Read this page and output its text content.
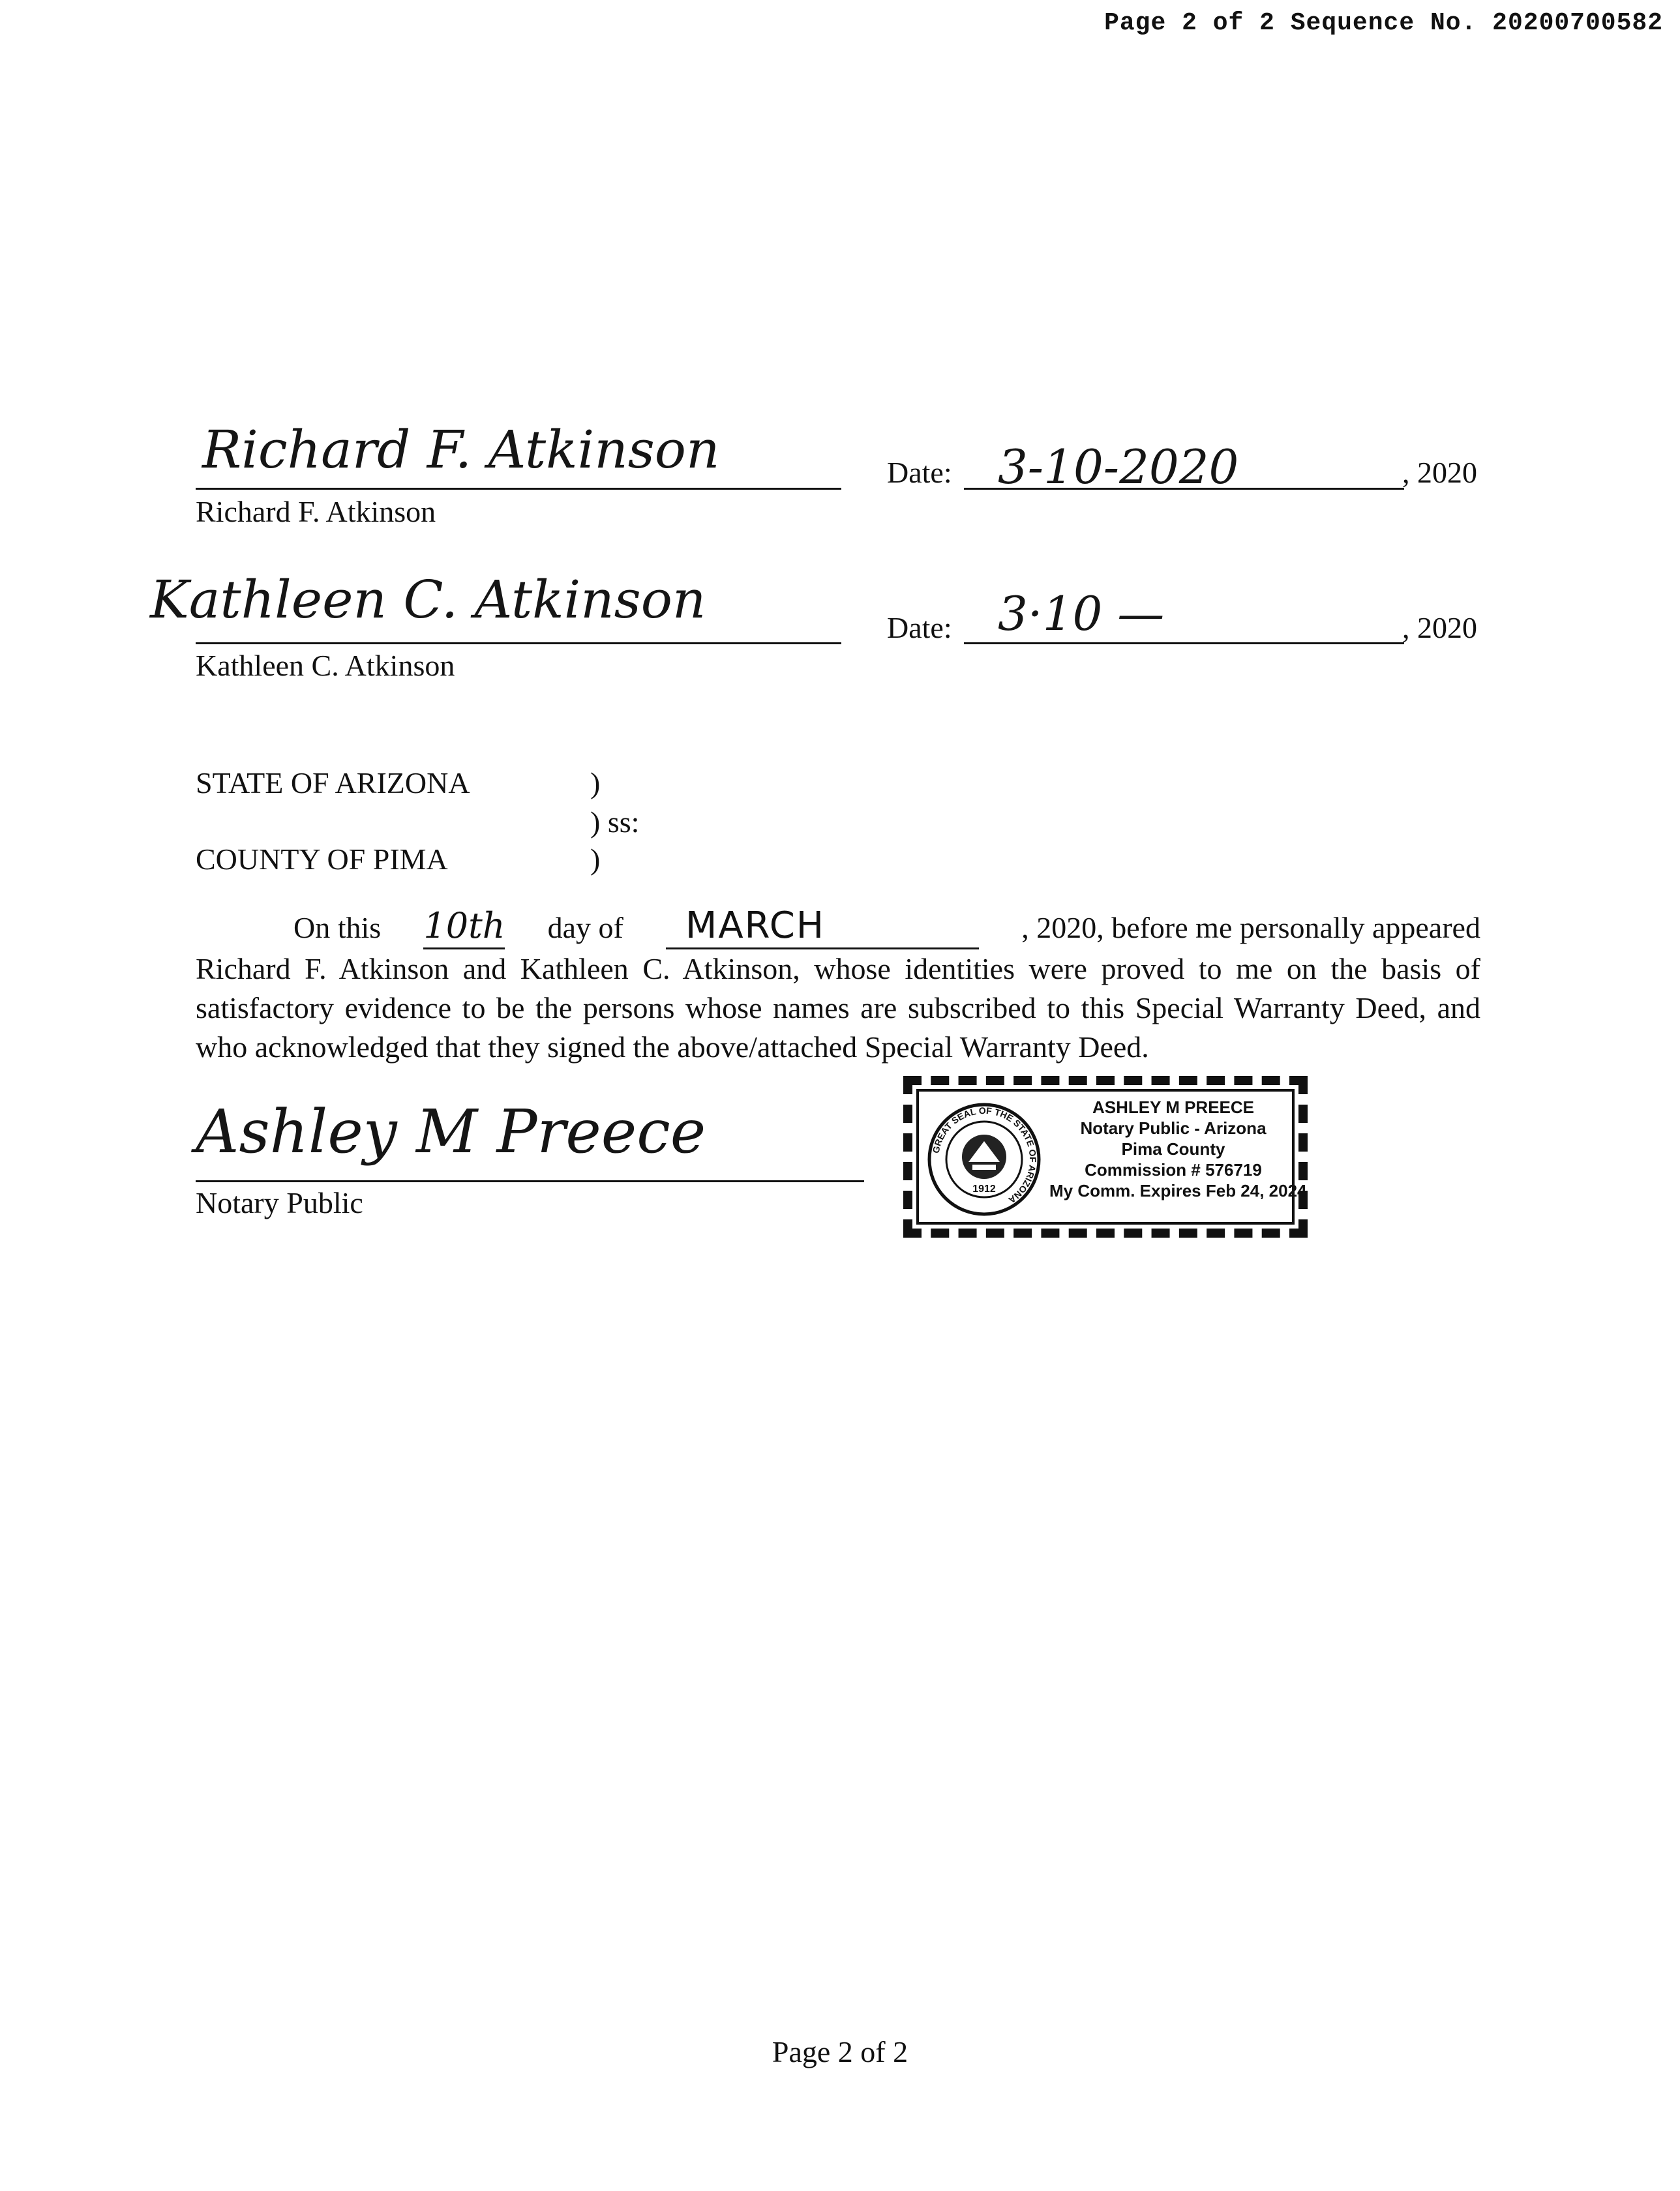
Page 2 of 2 Sequence No. 20200700582
Richard F. Atkinson
Richard F. Atkinson
Date: 3-10-2020	, 2020
Kathleen C. Atkinson
Kathleen C. Atkinson
Date: 3·10 —	, 2020
STATE OF ARIZONA	)
) ss:
COUNTY OF PIMA	)
On this 10th day of	MARCH	, 2020, before me personally appeared
Richard F. Atkinson and Kathleen C. Atkinson, whose identities were proved to me on the basis of satisfactory evidence to be the persons whose names are subscribed to this Special Warranty Deed, and who acknowledged that they signed the above/attached Special Warranty Deed.
Ashley M Preece
Notary Public
GREAT SEAL OF THE STATE OF ARIZONA
1912
ASHLEY M PREECE
Notary Public - Arizona
Pima County
Commission # 576719
My Comm. Expires Feb 24, 2024
Page 2 of 2
